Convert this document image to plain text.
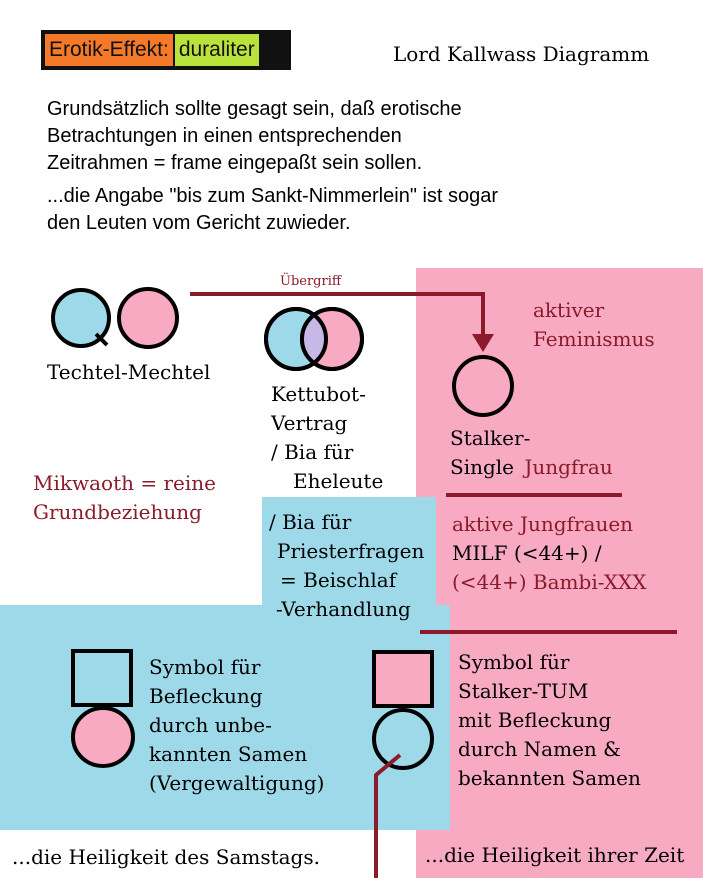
Erotik-Effekt: duraliter	Lord Kallwass Diagramm
Grundsätzlich sollte gesagt sein, daß erotische
Betrachtungen in einen entsprechenden
Zeitrahmen = frame eingepaßt sein sollen.
...die Angabe "bis zum Sankt-Nimmerlein" ist sogar
den Leuten vom Gericht zuwieder.
Übergriff
Techtel-Mechtel
Kettubot-
Vertrag
/ Bia für
Eheleute
Mikwaoth = reine
Grundbeziehung
aktiver
Feminismus
Stalker-
Single Jungfrau
aktive Jungfrauen
MILF (<44+) /
(<44+) Bambi-XXX
/ Bia für
Priesterfragen
= Beischlaf
-Verhandlung
Symbol für
Befleckung
durch unbe-
kannten Samen
(Vergewaltigung)
Symbol für
Stalker-TUM
mit Befleckung
durch Namen &
bekannten Samen
...die Heiligkeit des Samstags.	...die Heiligkeit ihrer Zeit
